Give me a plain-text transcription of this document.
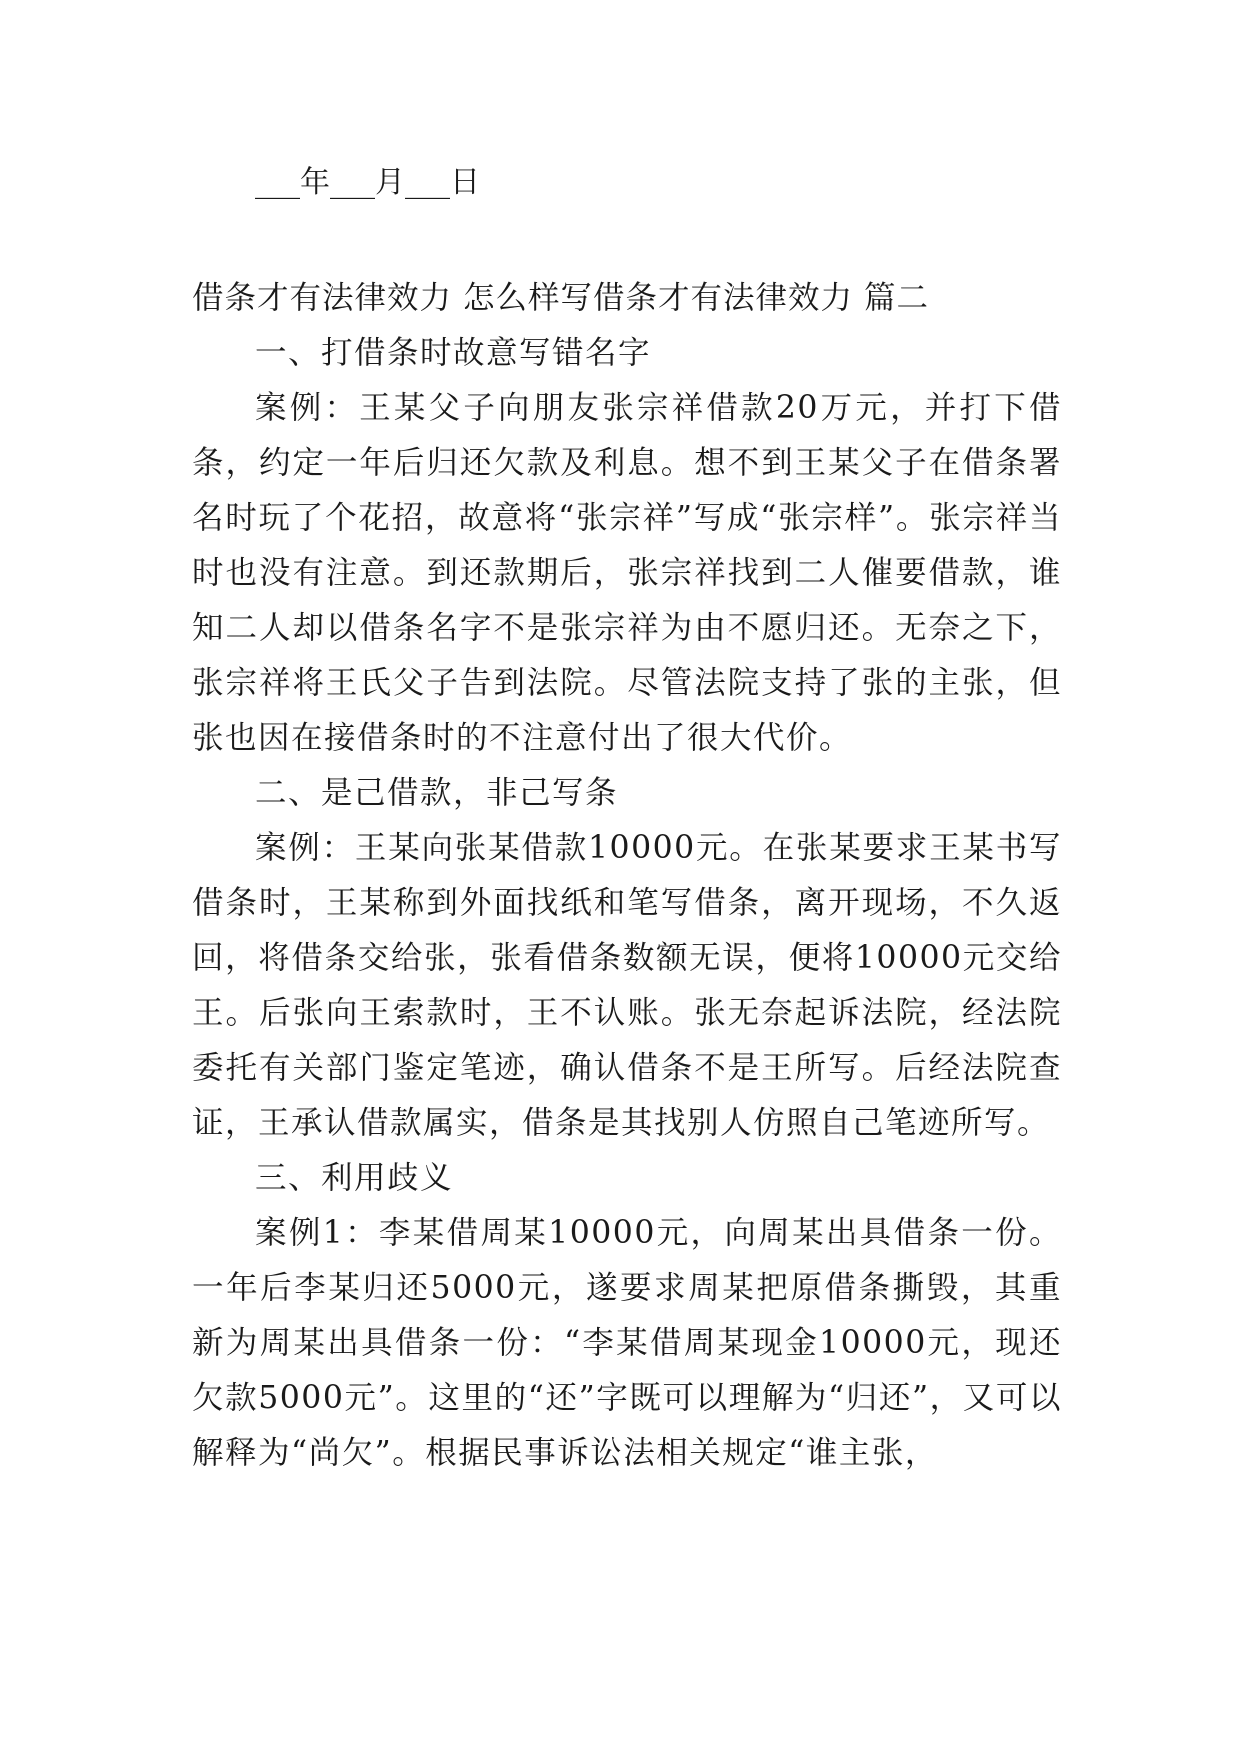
___年___月___日

借条才有法律效力 怎么样写借条才有法律效力 篇二

一、打借条时故意写错名字

案例：王某父子向朋友张宗祥借款20万元，并打下借条，约定一年后归还欠款及利息。想不到王某父子在借条署名时玩了个花招，故意将“张宗祥”写成“张宗样”。张宗祥当时也没有注意。到还款期后，张宗祥找到二人催要借款，谁知二人却以借条名字不是张宗祥为由不愿归还。无奈之下，张宗祥将王氏父子告到法院。尽管法院支持了张的主张，但张也因在接借条时的不注意付出了很大代价。

二、是己借款，非己写条

案例：王某向张某借款10000元。在张某要求王某书写借条时，王某称到外面找纸和笔写借条，离开现场，不久返回，将借条交给张，张看借条数额无误，便将10000元交给王。后张向王索款时，王不认账。张无奈起诉法院，经法院委托有关部门鉴定笔迹，确认借条不是王所写。后经法院查证，王承认借款属实，借条是其找别人仿照自己笔迹所写。

三、利用歧义

案例1：李某借周某10000元，向周某出具借条一份。一年后李某归还5000元，遂要求周某把原借条撕毁，其重新为周某出具借条一份：“李某借周某现金10000元，现还欠款5000元”。这里的“还”字既可以理解为“归还”，又可以解释为“尚欠”。根据民事诉讼法相关规定“谁主张，
